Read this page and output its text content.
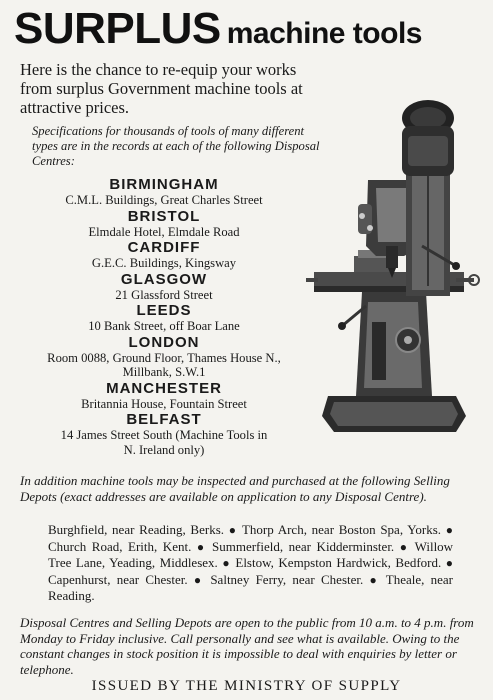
SURPLUS machine tools

Here is the chance to re-equip your works from surplus Government machine tools at attractive prices.

Specifications for thousands of tools of many different types are in the records at each of the following Disposal Centres:

BIRMINGHAM
C.M.L. Buildings, Great Charles Street
BRISTOL
Elmdale Hotel, Elmdale Road
CARDIFF
G.E.C. Buildings, Kingsway
GLASGOW
21 Glassford Street
LEEDS
10 Bank Street, off Boar Lane
LONDON
Room 0088, Ground Floor, Thames House N., Millbank, S.W.1
MANCHESTER
Britannia House, Fountain Street
BELFAST
14 James Street South (Machine Tools in N. Ireland only)

In addition machine tools may be inspected and purchased at the following Selling Depots (exact addresses are available on application to any Disposal Centre).

Burghfield, near Reading, Berks. ● Thorp Arch, near Boston Spa, Yorks. ● Church Road, Erith, Kent. ● Summerfield, near Kidderminster. ● Willow Tree Lane, Yeading, Middlesex. ● Elstow, Kempston Hardwick, Bedford. ● Capenhurst, near Chester. ● Saltney Ferry, near Chester. ● Theale, near Reading.

Disposal Centres and Selling Depots are open to the public from 10 a.m. to 4 p.m. from Monday to Friday inclusive. Call personally and see what is available. Owing to the constant changes in stock position it is impossible to deal with enquiries by letter or telephone.

ISSUED BY THE MINISTRY OF SUPPLY
